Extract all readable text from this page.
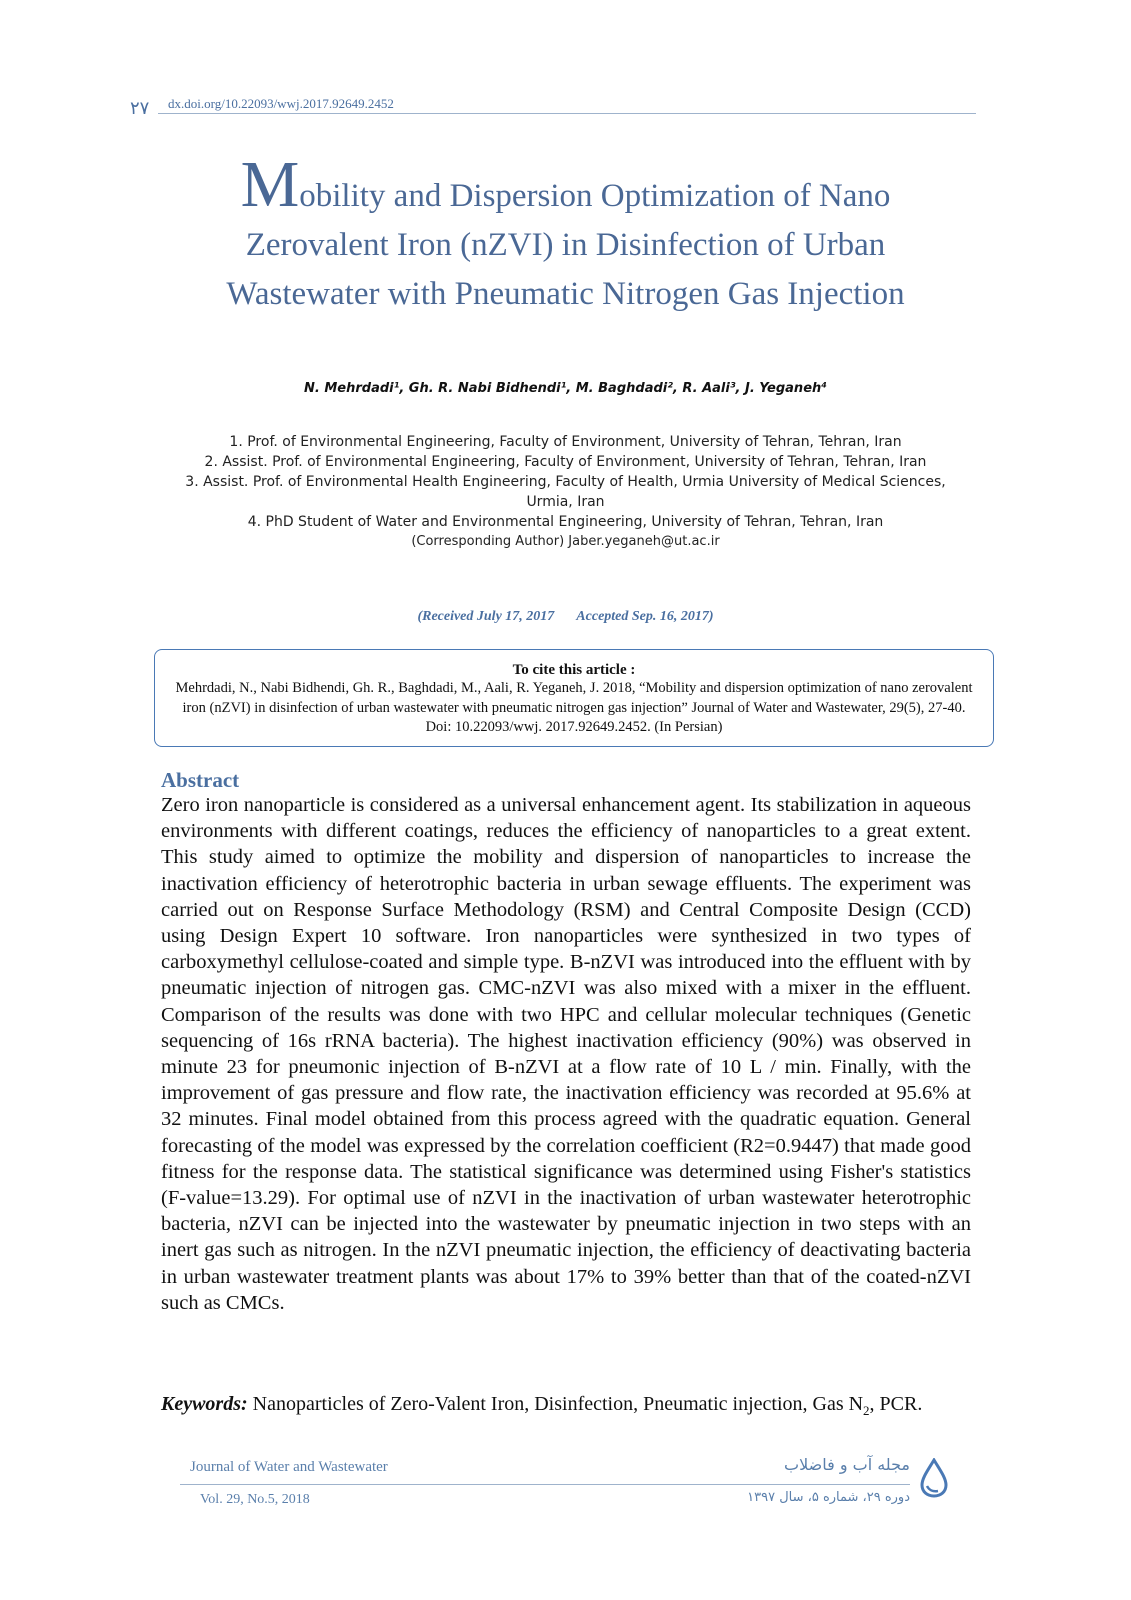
۲۷ dx.doi.org/10.22093/wwj.2017.92649.2452
Mobility and Dispersion Optimization of Nano
Zerovalent Iron (nZVI) in Disinfection of Urban
Wastewater with Pneumatic Nitrogen Gas Injection
N. Mehrdadi¹, Gh. R. Nabi Bidhendi¹, M. Baghdadi², R. Aali³, J. Yeganeh⁴
1. Prof. of Environmental Engineering, Faculty of Environment, University of Tehran, Tehran, Iran
2. Assist. Prof. of Environmental Engineering, Faculty of Environment, University of Tehran, Tehran, Iran
3. Assist. Prof. of Environmental Health Engineering, Faculty of Health, Urmia University of Medical Sciences, Urmia, Iran
4. PhD Student of Water and Environmental Engineering, University of Tehran, Tehran, Iran
(Corresponding Author) Jaber.yeganeh@ut.ac.ir
(Received July 17, 2017 Accepted Sep. 16, 2017)
To cite this article :
Mehrdadi, N., Nabi Bidhendi, Gh. R., Baghdadi, M., Aali, R. Yeganeh, J. 2018, “Mobility and dispersion optimization of nano zerovalent iron (nZVI) in disinfection of urban wastewater with pneumatic nitrogen gas injection” Journal of Water and Wastewater, 29(5), 27-40. Doi: 10.22093/wwj. 2017.92649.2452. (In Persian)
Abstract

Zero iron nanoparticle is considered as a universal enhancement agent. Its stabilization in aqueous environments with different coatings, reduces the efficiency of nanoparticles to a great extent. This study aimed to optimize the mobility and dispersion of nanoparticles to increase the inactivation efficiency of heterotrophic bacteria in urban sewage effluents. The experiment was carried out on Response Surface Methodology (RSM) and Central Composite Design (CCD) using Design Expert 10 software. Iron nanoparticles were synthesized in two types of carboxymethyl cellulose-coated and simple type. B-nZVI was introduced into the effluent with by pneumatic injection of nitrogen gas. CMC-nZVI was also mixed with a mixer in the effluent. Comparison of the results was done with two HPC and cellular molecular techniques (Genetic sequencing of 16s rRNA bacteria). The highest inactivation efficiency (90%) was observed in minute 23 for pneumonic injection of B-nZVI at a flow rate of 10 L / min. Finally, with the improvement of gas pressure and flow rate, the inactivation efficiency was recorded at 95.6% at 32 minutes. Final model obtained from this process agreed with the quadratic equation. General forecasting of the model was expressed by the correlation coefficient (R2=0.9447) that made good fitness for the response data. The statistical significance was determined using Fisher's statistics (F-value=13.29). For optimal use of nZVI in the inactivation of urban wastewater heterotrophic bacteria, nZVI can be injected into the wastewater by pneumatic injection in two steps with an inert gas such as nitrogen. In the nZVI pneumatic injection, the efficiency of deactivating bacteria in urban wastewater treatment plants was about 17% to 39% better than that of the coated-nZVI such as CMCs.

Keywords: Nanoparticles of Zero-Valent Iron, Disinfection, Pneumatic injection, Gas $N_2$, PCR.
Journal of Water and Wastewater
Vol. 29, No.5, 2018
مجله آب و فاضلاب
دوره ۲۹، شماره ۵، سال ۱۳۹۷
